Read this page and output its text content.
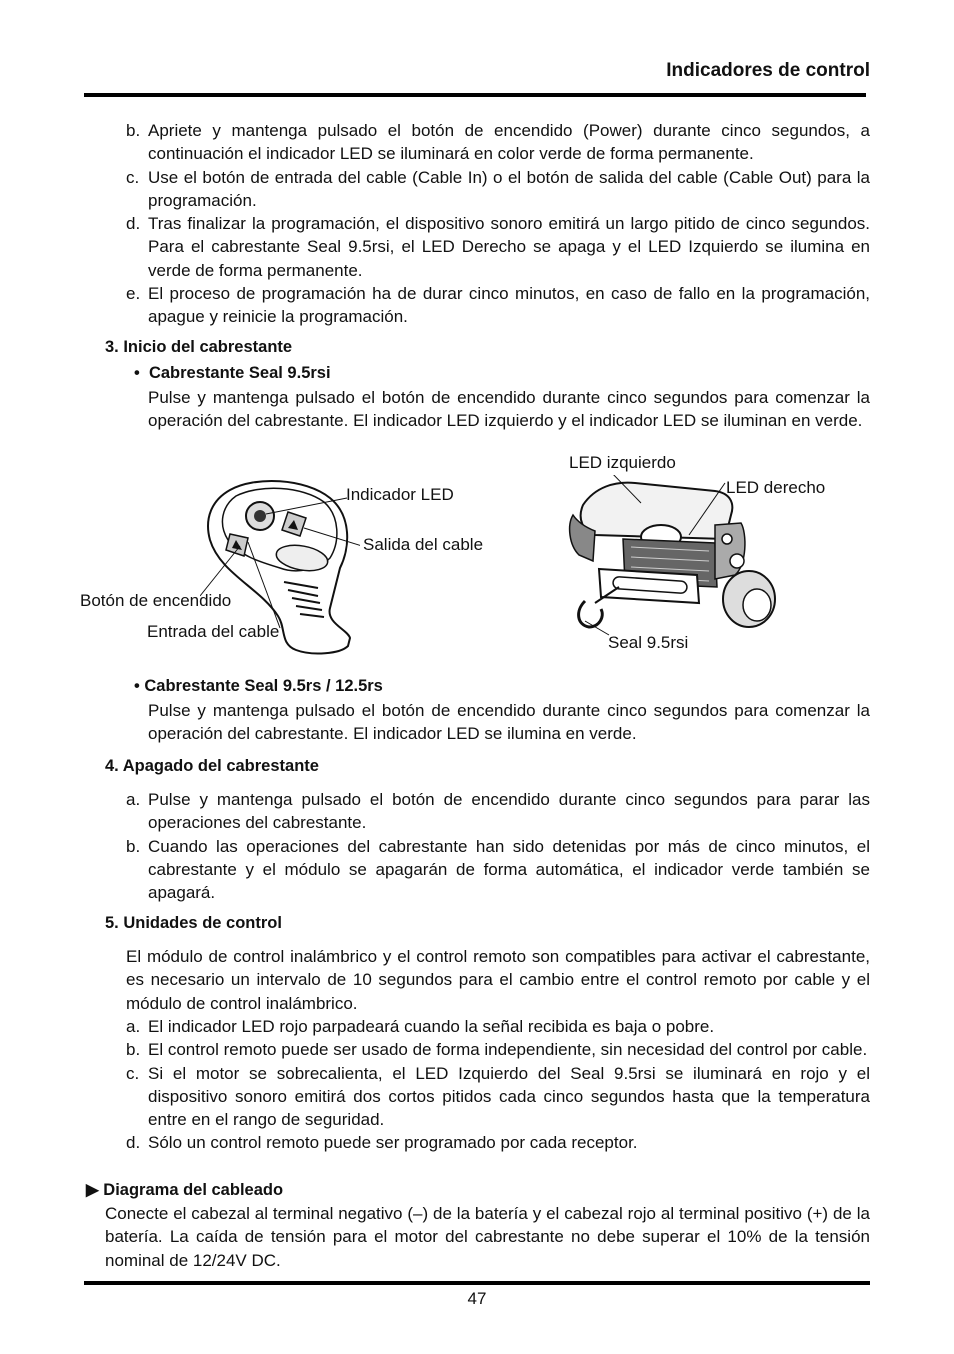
Indicadores de control
b. Apriete y mantenga pulsado el botón de encendido (Power) durante cinco segundos, a continuación el indicador LED se iluminará en color verde de forma permanente.
c. Use el botón de entrada del cable (Cable In) o el botón de salida del cable (Cable Out) para la programación.
d. Tras finalizar la programación, el dispositivo sonoro emitirá un largo pitido de cinco segundos. Para el cabrestante Seal 9.5rsi, el LED Derecho se apaga y el LED Izquierdo se ilumina en verde de forma permanente.
e. El proceso de programación ha de durar cinco minutos, en caso de fallo en la programación, apague y reinicie la programación.
3. Inicio del cabrestante
• Cabrestante Seal 9.5rsi
Pulse y mantenga pulsado el botón de encendido durante cinco segundos para comenzar la operación del cabrestante. El indicador LED izquierdo y el indicador LED se iluminan en verde.
Indicador LED
Salida del cable
Botón de encendido
Entrada del cable
LED izquierdo
LED derecho
Seal 9.5rsi
• Cabrestante Seal 9.5rs / 12.5rs
Pulse y mantenga pulsado el botón de encendido durante cinco segundos para comenzar la operación del cabrestante. El indicador LED se ilumina en verde.
4. Apagado del cabrestante
a. Pulse y mantenga pulsado el botón de encendido durante cinco segundos para parar las operaciones del cabrestante.
b. Cuando las operaciones del cabrestante han sido detenidas por más de cinco minutos, el cabrestante y el módulo se apagarán de forma automática, el indicador verde también se apagará.
5. Unidades de control
El módulo de control inalámbrico y el control remoto son compatibles para activar el cabrestante, es necesario un intervalo de 10 segundos para el cambio entre el control remoto por cable y el módulo de control inalámbrico.
a. El indicador LED rojo parpadeará cuando la señal recibida es baja o pobre.
b. El control remoto puede ser usado de forma independiente, sin necesidad del control por cable.
c. Si el motor se sobrecalienta, el LED Izquierdo del Seal 9.5rsi se iluminará en rojo y el dispositivo sonoro emitirá dos cortos pitidos cada cinco segundos hasta que la temperatura entre en el rango de seguridad.
d. Sólo un control remoto puede ser programado por cada receptor.
▶ Diagrama del cableado
Conecte el cabezal al terminal negativo (–) de la batería y el cabezal rojo al terminal positivo (+) de la batería. La caída de tensión para el motor del cabrestante no debe superar el 10% de la tensión nominal de 12/24V DC.
47
